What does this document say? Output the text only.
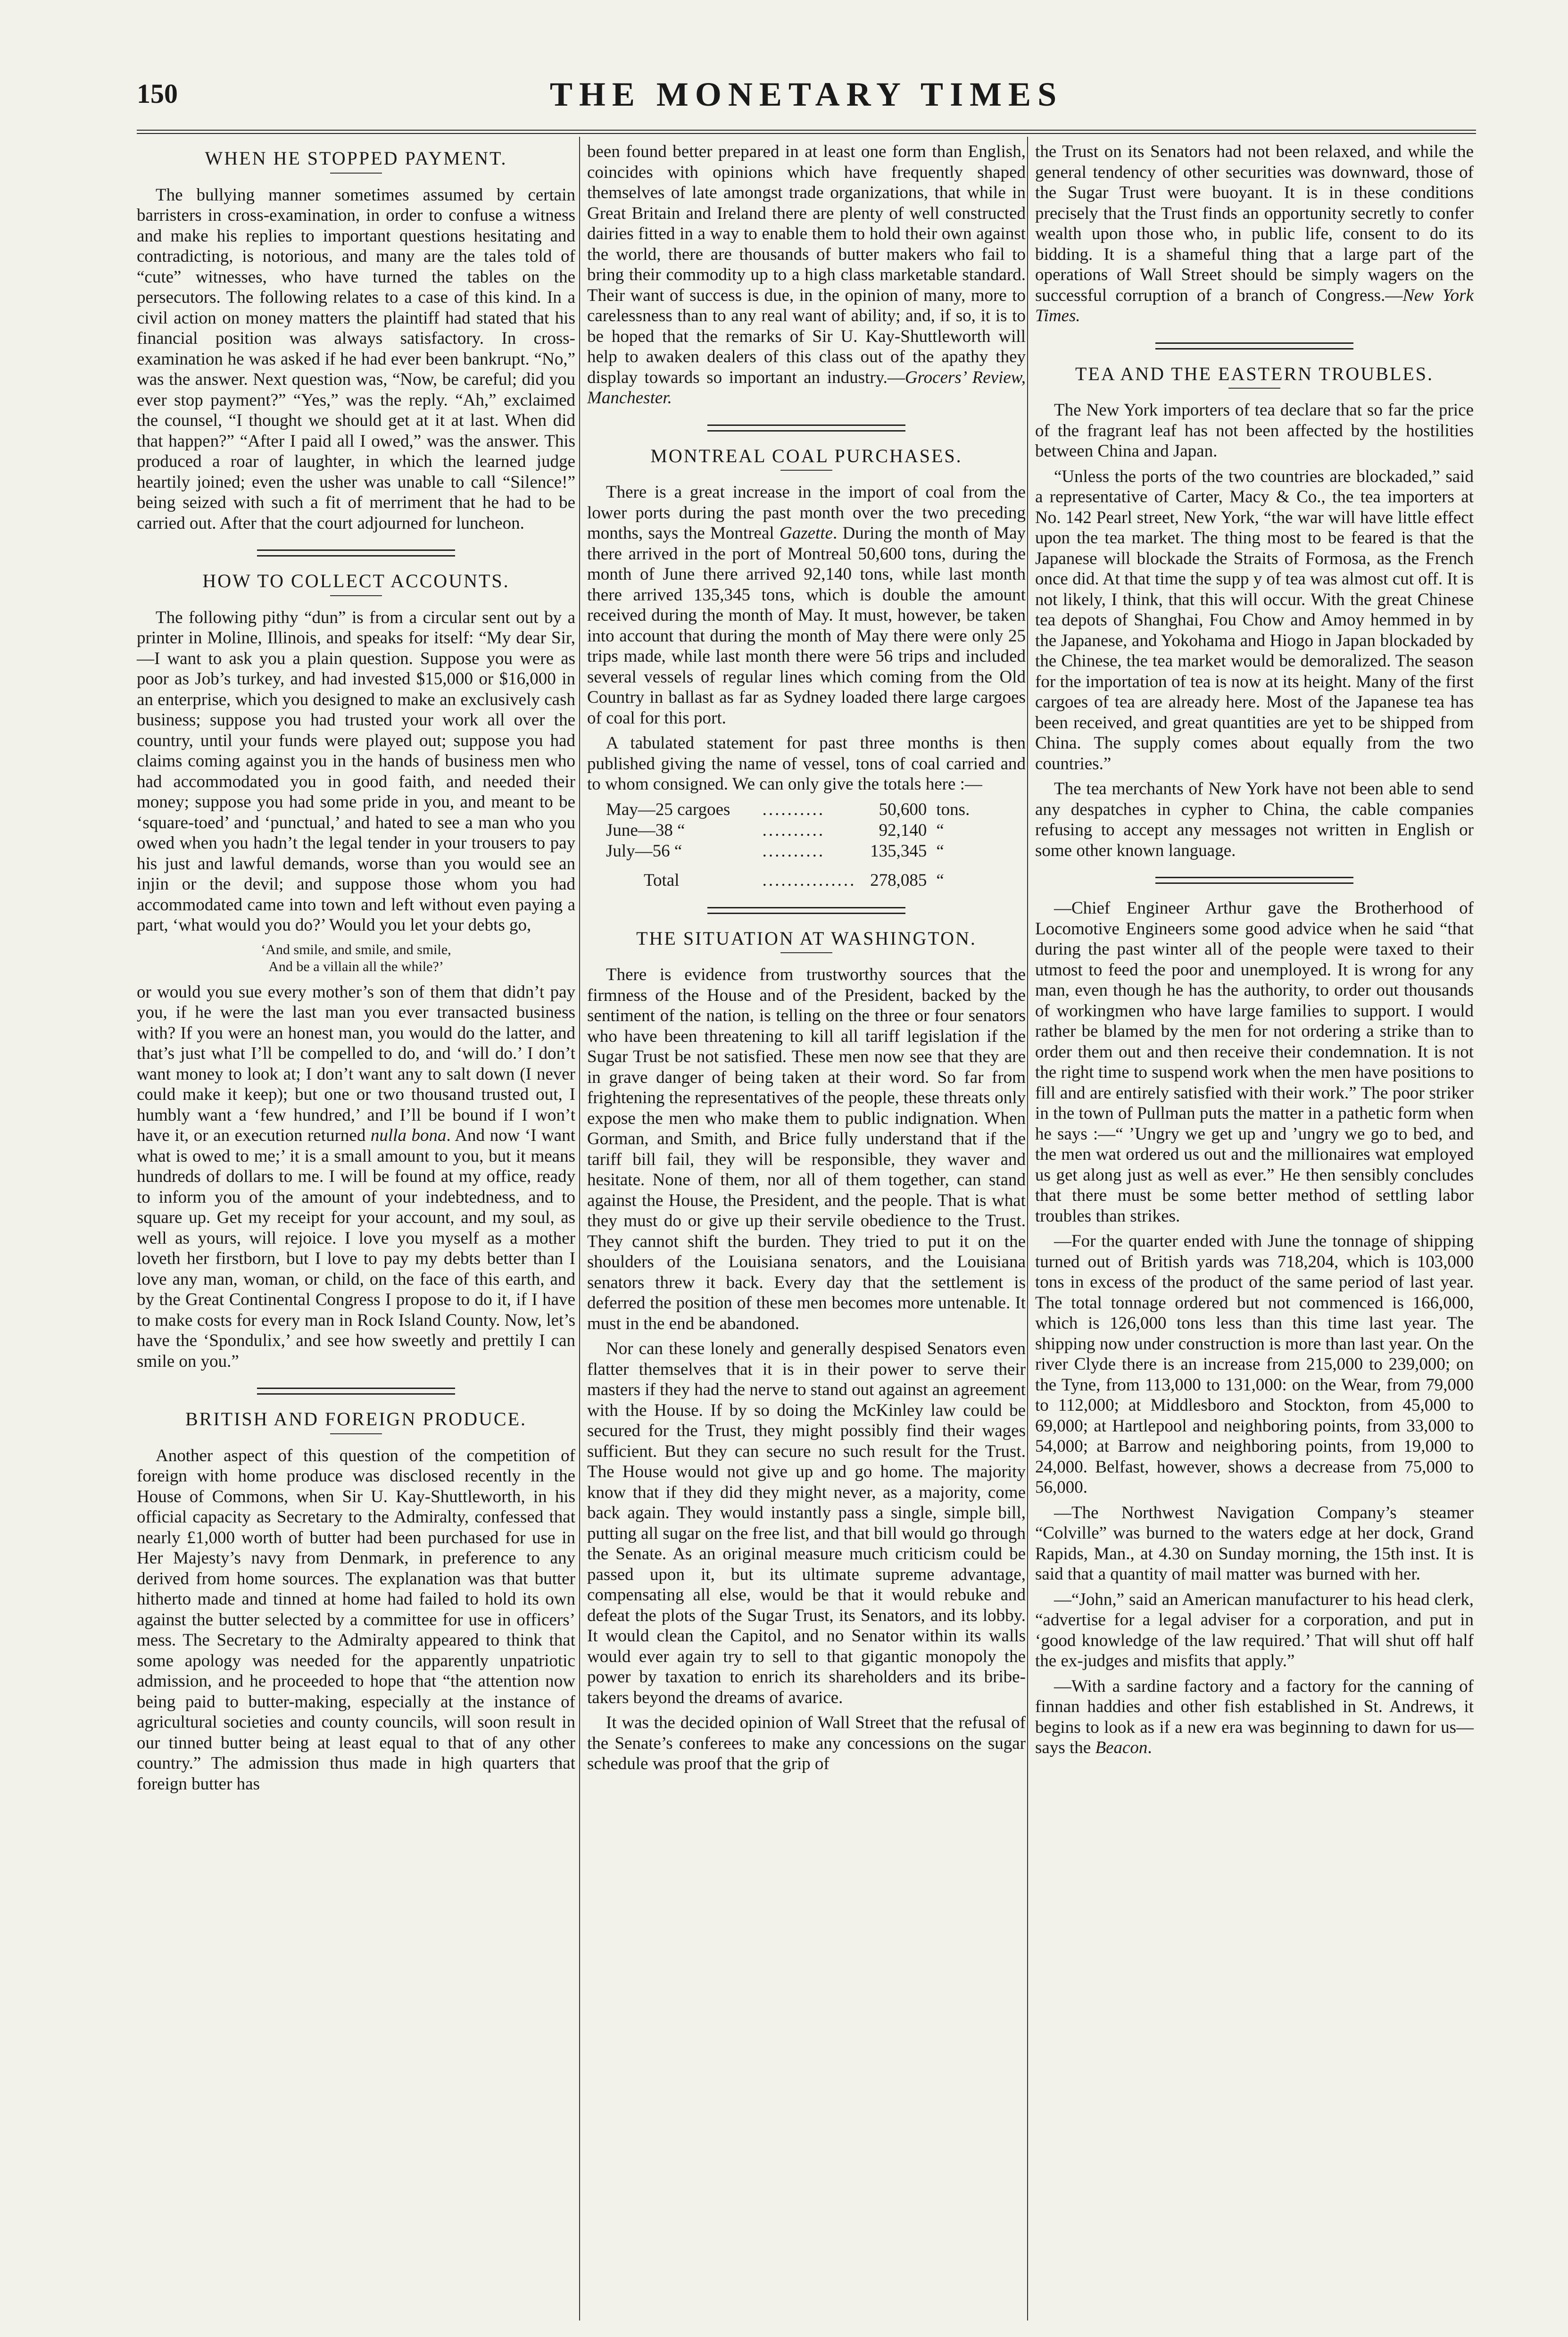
150	THE MONETARY TIMES
WHEN HE STOPPED PAYMENT.

The bullying manner sometimes assumed by certain barristers in cross-examination, in order to confuse a witness and make his replies to important questions hesitating and contradicting, is notorious, and many are the tales told of “cute” witnesses, who have turned the tables on the persecutors. The following relates to a case of this kind. In a civil action on money matters the plaintiff had stated that his financial position was always satisfactory. In cross-examination he was asked if he had ever been bankrupt. “No,” was the answer. Next question was, “Now, be careful; did you ever stop payment?” “Yes,” was the reply. “Ah,” exclaimed the counsel, “I thought we should get at it at last. When did that happen?” “After I paid all I owed,” was the answer. This produced a roar of laughter, in which the learned judge heartily joined; even the usher was unable to call “Silence!” being seized with such a fit of merriment that he had to be carried out. After that the court adjourned for luncheon.

HOW TO COLLECT ACCOUNTS.

The following pithy “dun” is from a circular sent out by a printer in Moline, Illinois, and speaks for itself: “My dear Sir,—I want to ask you a plain question. Suppose you were as poor as Job’s turkey, and had invested $15,000 or $16,000 in an enterprise, which you designed to make an exclusively cash business; suppose you had trusted your work all over the country, until your funds were played out; suppose you had claims coming against you in the hands of business men who had accommodated you in good faith, and needed their money; suppose you had some pride in you, and meant to be ‘square-toed’ and ‘punctual,’ and hated to see a man who you owed when you hadn’t the legal tender in your trousers to pay his just and lawful demands, worse than you would see an injin or the devil; and suppose those whom you had accommodated came into town and left without even paying a part, ‘what would you do?’ Would you let your debts go,

‘And smile, and smile, and smile,
And be a villain all the while?’

or would you sue every mother’s son of them that didn’t pay you, if he were the last man you ever transacted business with? If you were an honest man, you would do the latter, and that’s just what I’ll be compelled to do, and ‘will do.’ I don’t want money to look at; I don’t want any to salt down (I never could make it keep); but one or two thousand trusted out, I humbly want a ‘few hundred,’ and I’ll be bound if I won’t have it, or an execution returned nulla bona. And now ‘I want what is owed to me;’ it is a small amount to you, but it means hundreds of dollars to me. I will be found at my office, ready to inform you of the amount of your indebtedness, and to square up. Get my receipt for your account, and my soul, as well as yours, will rejoice. I love you myself as a mother loveth her firstborn, but I love to pay my debts better than I love any man, woman, or child, on the face of this earth, and by the Great Continental Congress I propose to do it, if I have to make costs for every man in Rock Island County. Now, let’s have the ‘Spondulix,’ and see how sweetly and prettily I can smile on you.”

BRITISH AND FOREIGN PRODUCE.

Another aspect of this question of the competition of foreign with home produce was disclosed recently in the House of Commons, when Sir U. Kay-Shuttleworth, in his official capacity as Secretary to the Admiralty, confessed that nearly £1,000 worth of butter had been purchased for use in Her Majesty’s navy from Denmark, in preference to any derived from home sources. The explanation was that butter hitherto made and tinned at home had failed to hold its own against the butter selected by a committee for use in officers’ mess. The Secretary to the Admiralty appeared to think that some apology was needed for the apparently unpatriotic admission, and he proceeded to hope that “the attention now being paid to butter-making, especially at the instance of agricultural societies and county councils, will soon result in our tinned butter being at least equal to that of any other country.” The admission thus made in high quarters that foreign butter has

been found better prepared in at least one form than English, coincides with opinions which have frequently shaped themselves of late amongst trade organizations, that while in Great Britain and Ireland there are plenty of well constructed dairies fitted in a way to enable them to hold their own against the world, there are thousands of butter makers who fail to bring their commodity up to a high class marketable standard. Their want of success is due, in the opinion of many, more to carelessness than to any real want of ability; and, if so, it is to be hoped that the remarks of Sir U. Kay-Shuttleworth will help to awaken dealers of this class out of the apathy they display towards so important an industry.—Grocers’ Review, Manchester.

MONTREAL COAL PURCHASES.

There is a great increase in the import of coal from the lower ports during the past month over the two preceding months, says the Montreal Gazette. During the month of May there arrived in the port of Montreal 50,600 tons, during the month of June there arrived 92,140 tons, while last month there arrived 135,345 tons, which is double the amount received during the month of May. It must, however, be taken into account that during the month of May there were only 25 trips made, while last month there were 56 trips and included several vessels of regular lines which coming from the Old Country in ballast as far as Sydney loaded there large cargoes of coal for this port.

A tabulated statement for past three months is then published giving the name of vessel, tons of coal carried and to whom consigned. We can only give the totals here :—

May—25 cargoes	..........	50,600	tons.
June—38 “	..........	92,140	“
July—56 “	..........	135,345	“
Total	...............	278,085	“
THE SITUATION AT WASHINGTON.

There is evidence from trustworthy sources that the firmness of the House and of the President, backed by the sentiment of the nation, is telling on the three or four senators who have been threatening to kill all tariff legislation if the Sugar Trust be not satisfied. These men now see that they are in grave danger of being taken at their word. So far from frightening the representatives of the people, these threats only expose the men who make them to public indignation. When Gorman, and Smith, and Brice fully understand that if the tariff bill fail, they will be responsible, they waver and hesitate. None of them, nor all of them together, can stand against the House, the President, and the people. That is what they must do or give up their servile obedience to the Trust. They cannot shift the burden. They tried to put it on the shoulders of the Louisiana senators, and the Louisiana senators threw it back. Every day that the settlement is deferred the position of these men becomes more untenable. It must in the end be abandoned.

Nor can these lonely and generally despised Senators even flatter themselves that it is in their power to serve their masters if they had the nerve to stand out against an agreement with the House. If by so doing the McKinley law could be secured for the Trust, they might possibly find their wages sufficient. But they can secure no such result for the Trust. The House would not give up and go home. The majority know that if they did they might never, as a majority, come back again. They would instantly pass a single, simple bill, putting all sugar on the free list, and that bill would go through the Senate. As an original measure much criticism could be passed upon it, but its ultimate supreme advantage, compensating all else, would be that it would rebuke and defeat the plots of the Sugar Trust, its Senators, and its lobby. It would clean the Capitol, and no Senator within its walls would ever again try to sell to that gigantic monopoly the power by taxation to enrich its shareholders and its bribe-takers beyond the dreams of avarice.

It was the decided opinion of Wall Street that the refusal of the Senate’s conferees to make any concessions on the sugar schedule was proof that the grip of

the Trust on its Senators had not been relaxed, and while the general tendency of other securities was downward, those of the Sugar Trust were buoyant. It is in these conditions precisely that the Trust finds an opportunity secretly to confer wealth upon those who, in public life, consent to do its bidding. It is a shameful thing that a large part of the operations of Wall Street should be simply wagers on the successful corruption of a branch of Congress.—New York Times.

TEA AND THE EASTERN TROUBLES.

The New York importers of tea declare that so far the price of the fragrant leaf has not been affected by the hostilities between China and Japan.

“Unless the ports of the two countries are blockaded,” said a representative of Carter, Macy & Co., the tea importers at No. 142 Pearl street, New York, “the war will have little effect upon the tea market. The thing most to be feared is that the Japanese will blockade the Straits of Formosa, as the French once did. At that time the supp y of tea was almost cut off. It is not likely, I think, that this will occur. With the great Chinese tea depots of Shanghai, Fou Chow and Amoy hemmed in by the Japanese, and Yokohama and Hiogo in Japan blockaded by the Chinese, the tea market would be demoralized. The season for the importation of tea is now at its height. Many of the first cargoes of tea are already here. Most of the Japanese tea has been received, and great quantities are yet to be shipped from China. The supply comes about equally from the two countries.”

The tea merchants of New York have not been able to send any despatches in cypher to China, the cable companies refusing to accept any messages not written in English or some other known language.

—Chief Engineer Arthur gave the Brotherhood of Locomotive Engineers some good advice when he said “that during the past winter all of the people were taxed to their utmost to feed the poor and unemployed. It is wrong for any man, even though he has the authority, to order out thousands of workingmen who have large families to support. I would rather be blamed by the men for not ordering a strike than to order them out and then receive their condemnation. It is not the right time to suspend work when the men have positions to fill and are entirely satisfied with their work.” The poor striker in the town of Pullman puts the matter in a pathetic form when he says :—“ ’Ungry we get up and ’ungry we go to bed, and the men wat ordered us out and the millionaires wat employed us get along just as well as ever.” He then sensibly concludes that there must be some better method of settling labor troubles than strikes.

—For the quarter ended with June the tonnage of shipping turned out of British yards was 718,204, which is 103,000 tons in excess of the product of the same period of last year. The total tonnage ordered but not commenced is 166,000, which is 126,000 tons less than this time last year. The shipping now under construction is more than last year. On the river Clyde there is an increase from 215,000 to 239,000; on the Tyne, from 113,000 to 131,000: on the Wear, from 79,000 to 112,000; at Middlesboro and Stockton, from 45,000 to 69,000; at Hartlepool and neighboring points, from 33,000 to 54,000; at Barrow and neighboring points, from 19,000 to 24,000. Belfast, however, shows a decrease from 75,000 to 56,000.

—The Northwest Navigation Company’s steamer “Colville” was burned to the waters edge at her dock, Grand Rapids, Man., at 4.30 on Sunday morning, the 15th inst. It is said that a quantity of mail matter was burned with her.

—“John,” said an American manufacturer to his head clerk, “advertise for a legal adviser for a corporation, and put in ‘good knowledge of the law required.’ That will shut off half the ex-judges and misfits that apply.”

—With a sardine factory and a factory for the canning of finnan haddies and other fish established in St. Andrews, it begins to look as if a new era was beginning to dawn for us—says the Beacon.
